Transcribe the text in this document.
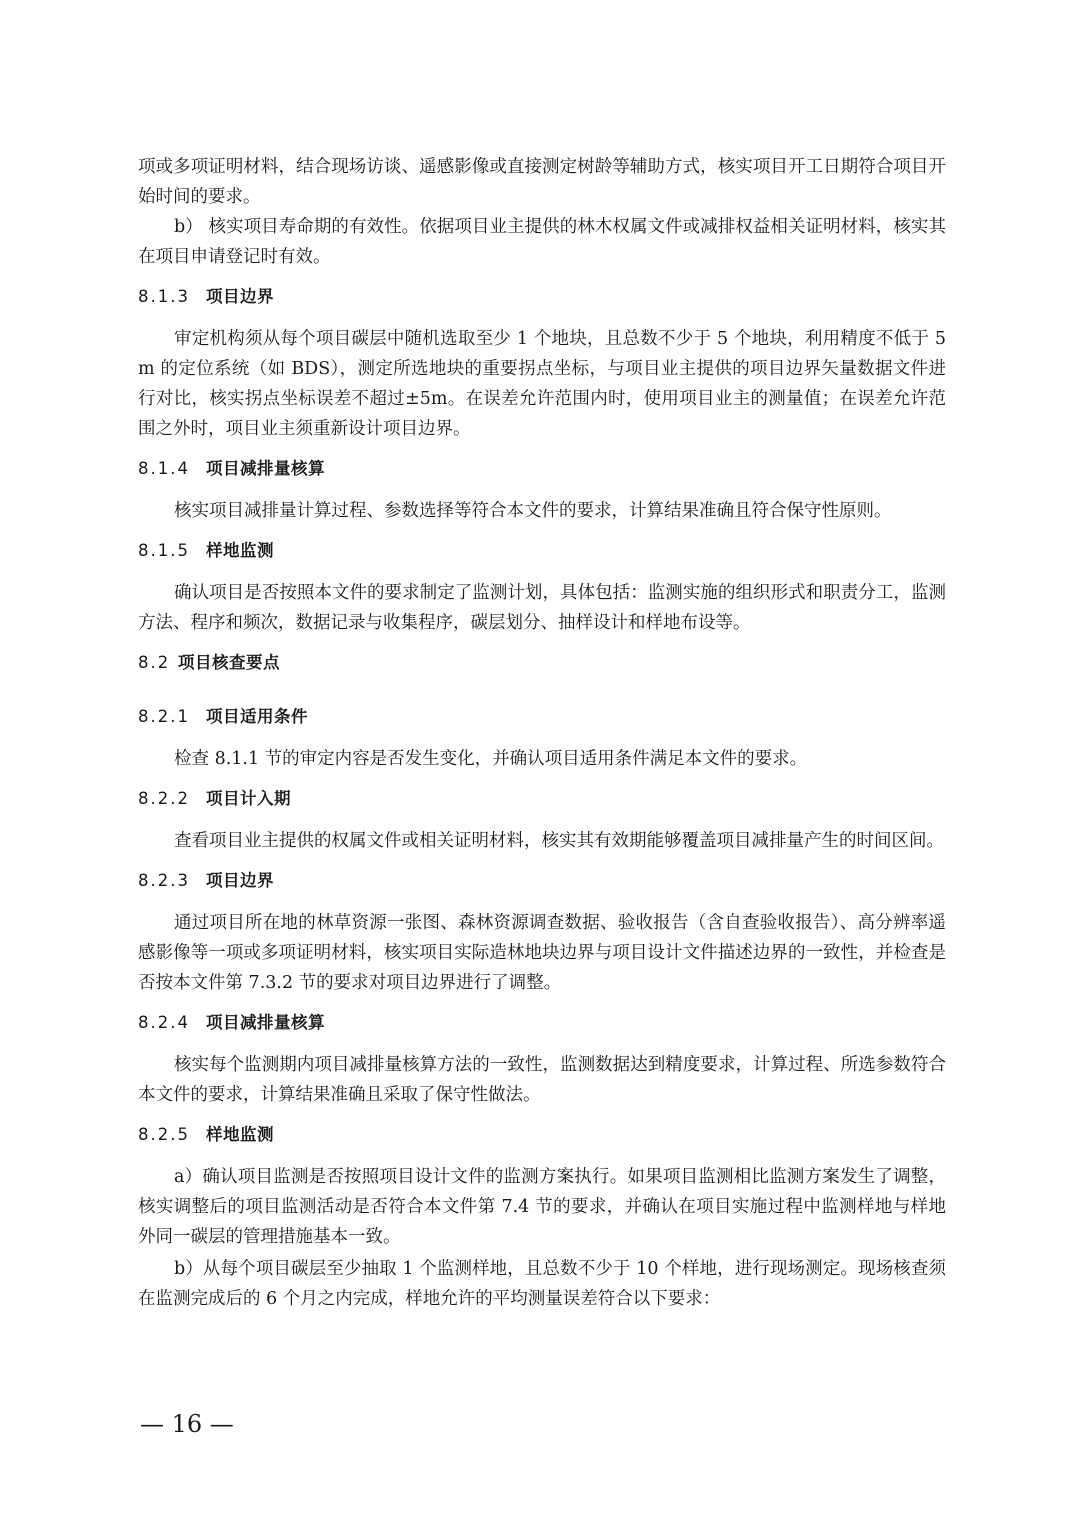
项或多项证明材料，结合现场访谈、遥感影像或直接测定树龄等辅助方式，核实项目开工日期符合项目开始时间的要求。

b） 核实项目寿命期的有效性。依据项目业主提供的林木权属文件或减排权益相关证明材料，核实其在项目申请登记时有效。

8.1.3 项目边界

审定机构须从每个项目碳层中随机选取至少 1 个地块，且总数不少于 5 个地块，利用精度不低于 5m 的定位系统（如 BDS），测定所选地块的重要拐点坐标，与项目业主提供的项目边界矢量数据文件进行对比，核实拐点坐标误差不超过±5m。在误差允许范围内时，使用项目业主的测量值；在误差允许范围之外时，项目业主须重新设计项目边界。

8.1.4 项目减排量核算

核实项目减排量计算过程、参数选择等符合本文件的要求，计算结果准确且符合保守性原则。

8.1.5 样地监测

确认项目是否按照本文件的要求制定了监测计划，具体包括：监测实施的组织形式和职责分工，监测方法、程序和频次，数据记录与收集程序，碳层划分、抽样设计和样地布设等。

8.2 项目核查要点
8.2.1 项目适用条件

检查 8.1.1 节的审定内容是否发生变化，并确认项目适用条件满足本文件的要求。

8.2.2 项目计入期

查看项目业主提供的权属文件或相关证明材料，核实其有效期能够覆盖项目减排量产生的时间区间。

8.2.3 项目边界

通过项目所在地的林草资源一张图、森林资源调查数据、验收报告（含自查验收报告）、高分辨率遥感影像等一项或多项证明材料，核实项目实际造林地块边界与项目设计文件描述边界的一致性，并检查是否按本文件第 7.3.2 节的要求对项目边界进行了调整。

8.2.4 项目减排量核算

核实每个监测期内项目减排量核算方法的一致性，监测数据达到精度要求，计算过程、所选参数符合本文件的要求，计算结果准确且采取了保守性做法。

8.2.5 样地监测

a）确认项目监测是否按照项目设计文件的监测方案执行。如果项目监测相比监测方案发生了调整，核实调整后的项目监测活动是否符合本文件第 7.4 节的要求，并确认在项目实施过程中监测样地与样地外同一碳层的管理措施基本一致。

b）从每个项目碳层至少抽取 1 个监测样地，且总数不少于 10 个样地，进行现场测定。现场核查须在监测完成后的 6 个月之内完成，样地允许的平均测量误差符合以下要求：

— 16 —
